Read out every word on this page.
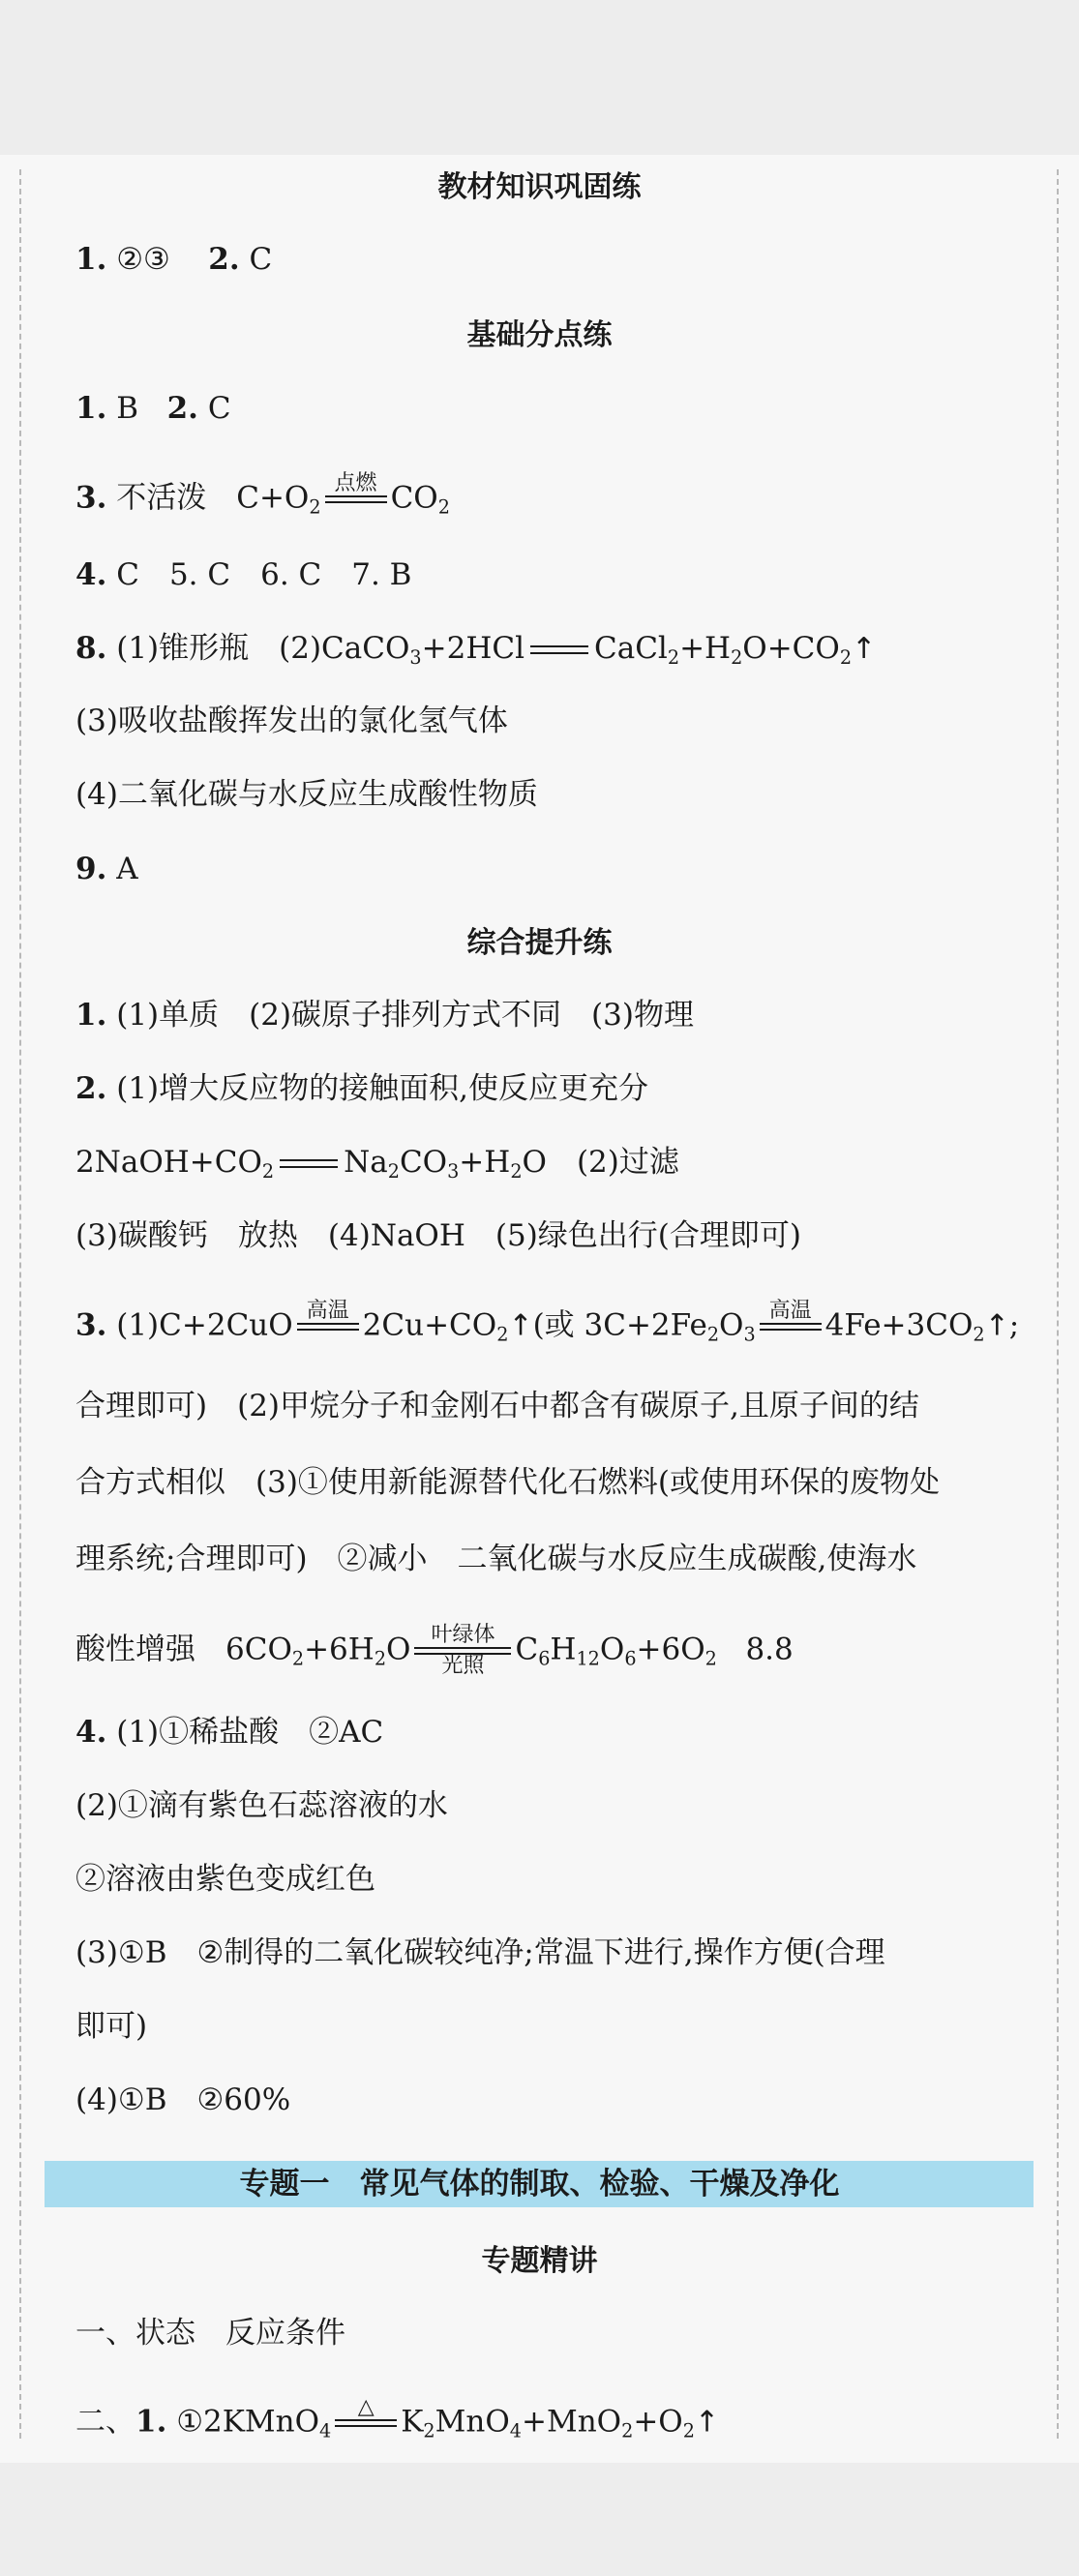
教材知识巩固练
1. ②③ 2. C
基础分点练
1. B 2. C
3. 不活泼　$C+O_2$
点燃
$CO_2$
4. C　5. C　6. C　7. B
8. (1)锥形瓶　(2)CaCO$_3$+2HCl $CaCl_2+H_2O+CO_2↑$
(3)吸收盐酸挥发出的氯化氢气体
(4)二氧化碳与水反应生成酸性物质
9. A
综合提升练
1. (1)单质　(2)碳原子排列方式不同　(3)物理
2. (1)增大反应物的接触面积,使反应更充分
$2NaOH+CO_2$ $Na_2CO_3+H_2O$　(2)过滤
(3)碳酸钙　放热　(4)NaOH　(5)绿色出行(合理即可)
3. (1)C+2CuO 高温
$2Cu+CO_2↑$(或 $3C+2Fe_2O_3$
高温
$4Fe+3CO_2↑$;
合理即可)　(2)甲烷分子和金刚石中都含有碳原子,且原子间的结
合方式相似　(3)①使用新能源替代化石燃料(或使用环保的废物处
理系统;合理即可)　②减小　二氧化碳与水反应生成碳酸,使海水
酸性增强　$6CO_2+6H_2O$ 叶绿体
光照	$C_6H_{12}O_6+6O_2$ 8.8
4. (1)①稀盐酸　②AC
(2)①滴有紫色石蕊溶液的水
②溶液由紫色变成红色
(3)①B　②制得的二氧化碳较纯净;常温下进行,操作方便(合理
即可)
(4)①B　②60%
专题一　常见气体的制取、检验、干燥及净化
专题精讲
一、状态　反应条件
二、1. ①2KMnO$_4$
△
$K_2MnO_4+MnO_2+O_2↑$
